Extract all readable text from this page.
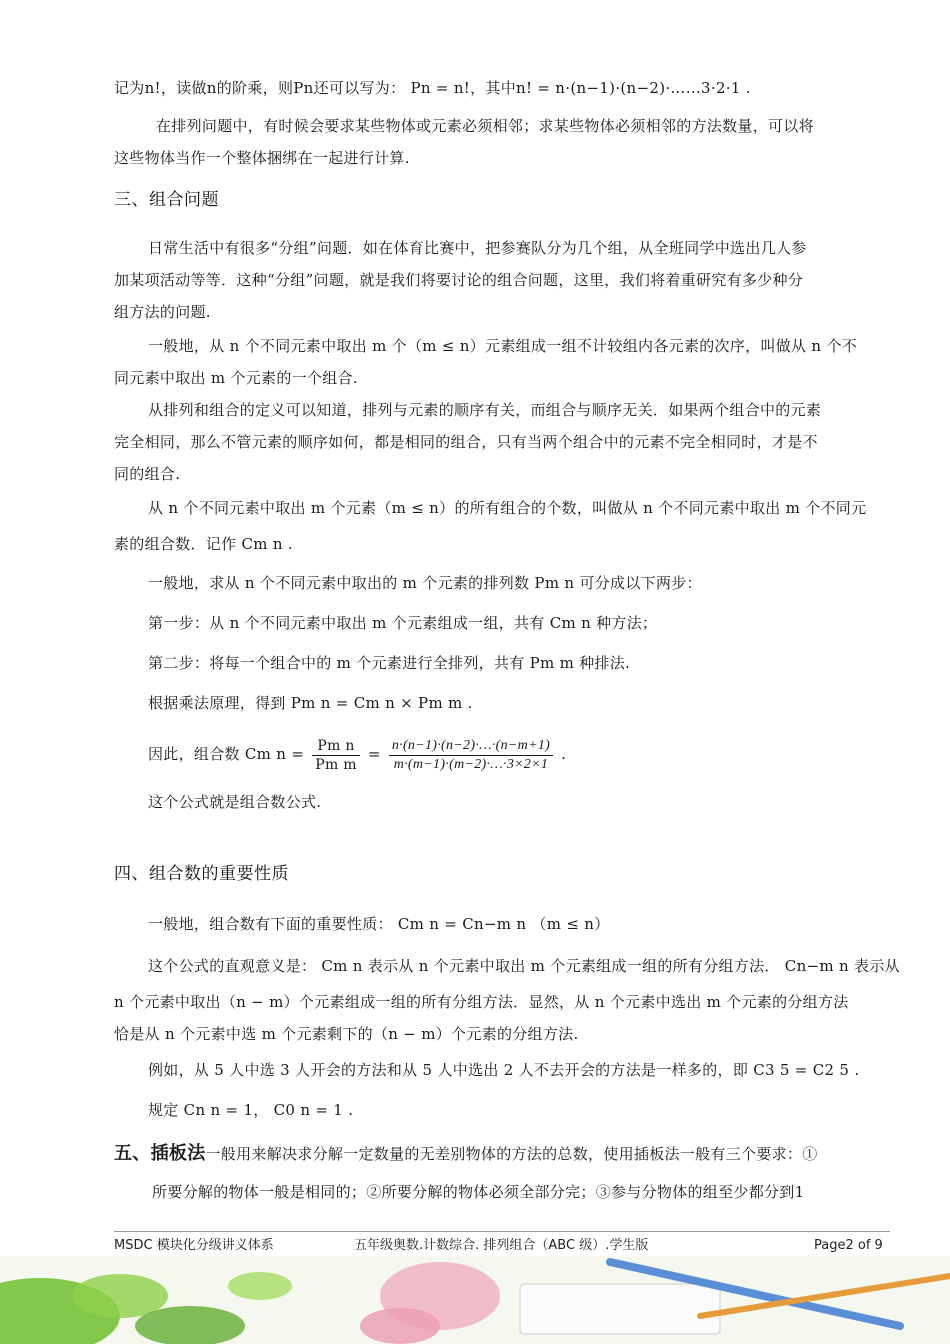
记为n!，读做n的阶乘，则Pn还可以写为： Pn = n!，其中n! = n·(n−1)·(n−2)·……3·2·1 .
在排列问题中，有时候会要求某些物体或元素必须相邻；求某些物体必须相邻的方法数量，可以将
这些物体当作一个整体捆绑在一起进行计算.
三、组合问题
日常生活中有很多“分组”问题．如在体育比赛中，把参赛队分为几个组，从全班同学中选出几人参
加某项活动等等．这种“分组”问题，就是我们将要讨论的组合问题，这里，我们将着重研究有多少种分
组方法的问题.
一般地，从 n 个不同元素中取出 m 个（m ≤ n）元素组成一组不计较组内各元素的次序，叫做从 n 个不
同元素中取出 m 个元素的一个组合.
从排列和组合的定义可以知道，排列与元素的顺序有关，而组合与顺序无关．如果两个组合中的元素
完全相同，那么不管元素的顺序如何，都是相同的组合，只有当两个组合中的元素不完全相同时，才是不
同的组合.
从 n 个不同元素中取出 m 个元素（m ≤ n）的所有组合的个数，叫做从 n 个不同元素中取出 m 个不同元
素的组合数．记作 Cm n .
一般地，求从 n 个不同元素中取出的 m 个元素的排列数 Pm n 可分成以下两步：
第一步：从 n 个不同元素中取出 m 个元素组成一组，共有 Cm n 种方法；
第二步：将每一个组合中的 m 个元素进行全排列，共有 Pm m 种排法.
根据乘法原理，得到 Pm n = Cm n × Pm m .
因此，组合数 Cm $n = \frac{\text{Pm n}}{\text{Pm m}} = \frac{n\cdot(n-1)\cdot(n-2)\cdot\dots\cdot(n-m+1)}{m\cdot(m-1)\cdot(m-2)\cdot\dots\cdot 3\times 2\times 1}$ .
这个公式就是组合数公式.
四、组合数的重要性质
一般地，组合数有下面的重要性质： Cm n = Cn−m n （m ≤ n）
这个公式的直观意义是： Cm n 表示从 n 个元素中取出 m 个元素组成一组的所有分组方法． Cn−m n 表示从
n 个元素中取出（n − m）个元素组成一组的所有分组方法．显然，从 n 个元素中选出 m 个元素的分组方法
恰是从 n 个元素中选 m 个元素剩下的（n − m）个元素的分组方法.
例如，从 5 人中选 3 人开会的方法和从 5 人中选出 2 人不去开会的方法是一样多的，即 C3 5 = C2 5 .
规定 Cn n = 1， C0 n = 1 .
五、插板法一般用来解决求分解一定数量的无差别物体的方法的总数，使用插板法一般有三个要求：①
所要分解的物体一般是相同的；②所要分解的物体必须全部分完；③参与分物体的组至少都分到1
MSDC 模块化分级讲义体系	五年级奥数.计数综合. 排列组合（ABC 级）.学生版	Page2 of 9
